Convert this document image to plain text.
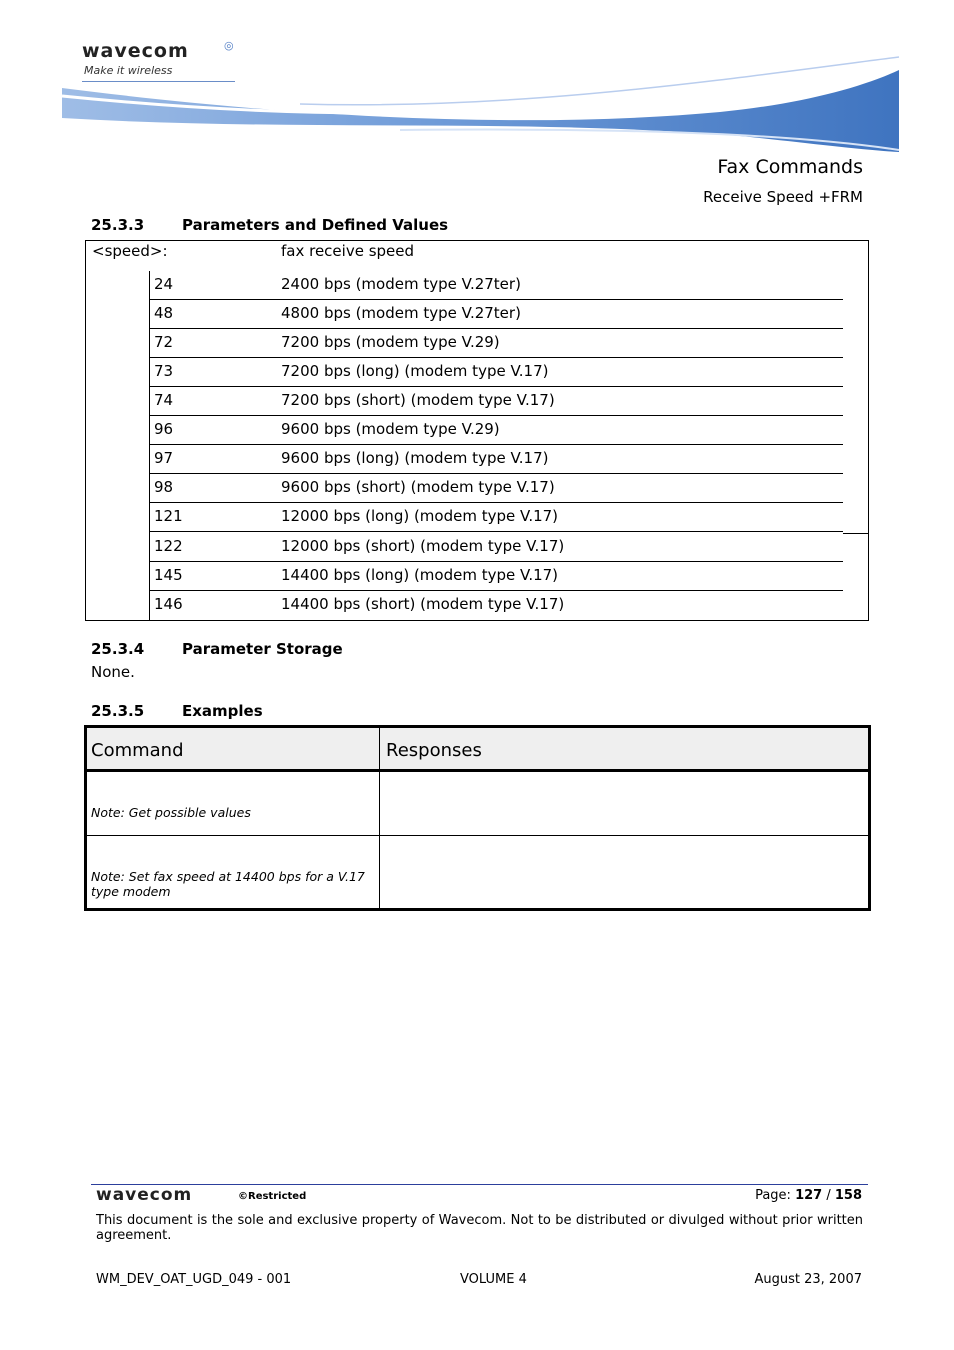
wavecom	◎
Make it wireless
Fax Commands
Receive Speed +FRM
25.3.3	Parameters and Defined Values
<speed>:	fax receive speed
24	2400 bps (modem type V.27ter)
48	4800 bps (modem type V.27ter)
72	7200 bps (modem type V.29)
73	7200 bps (long) (modem type V.17)
74	7200 bps (short) (modem type V.17)
96	9600 bps (modem type V.29)
97	9600 bps (long) (modem type V.17)
98	9600 bps (short) (modem type V.17)
121	12000 bps (long) (modem type V.17)
122	12000 bps (short) (modem type V.17)
145	14400 bps (long) (modem type V.17)
146	14400 bps (short) (modem type V.17)
25.3.4	Parameter Storage
None.
25.3.5	Examples
Command	Responses
Note: Get possible values
Note: Set fax speed at 14400 bps for a V.17 type modem
wavecom	©Restricted	Page: 127 / 158
This document is the sole and exclusive property of Wavecom. Not to be distributed or divulged without prior written agreement.
WM_DEV_OAT_UGD_049 - 001	VOLUME 4	August 23, 2007
